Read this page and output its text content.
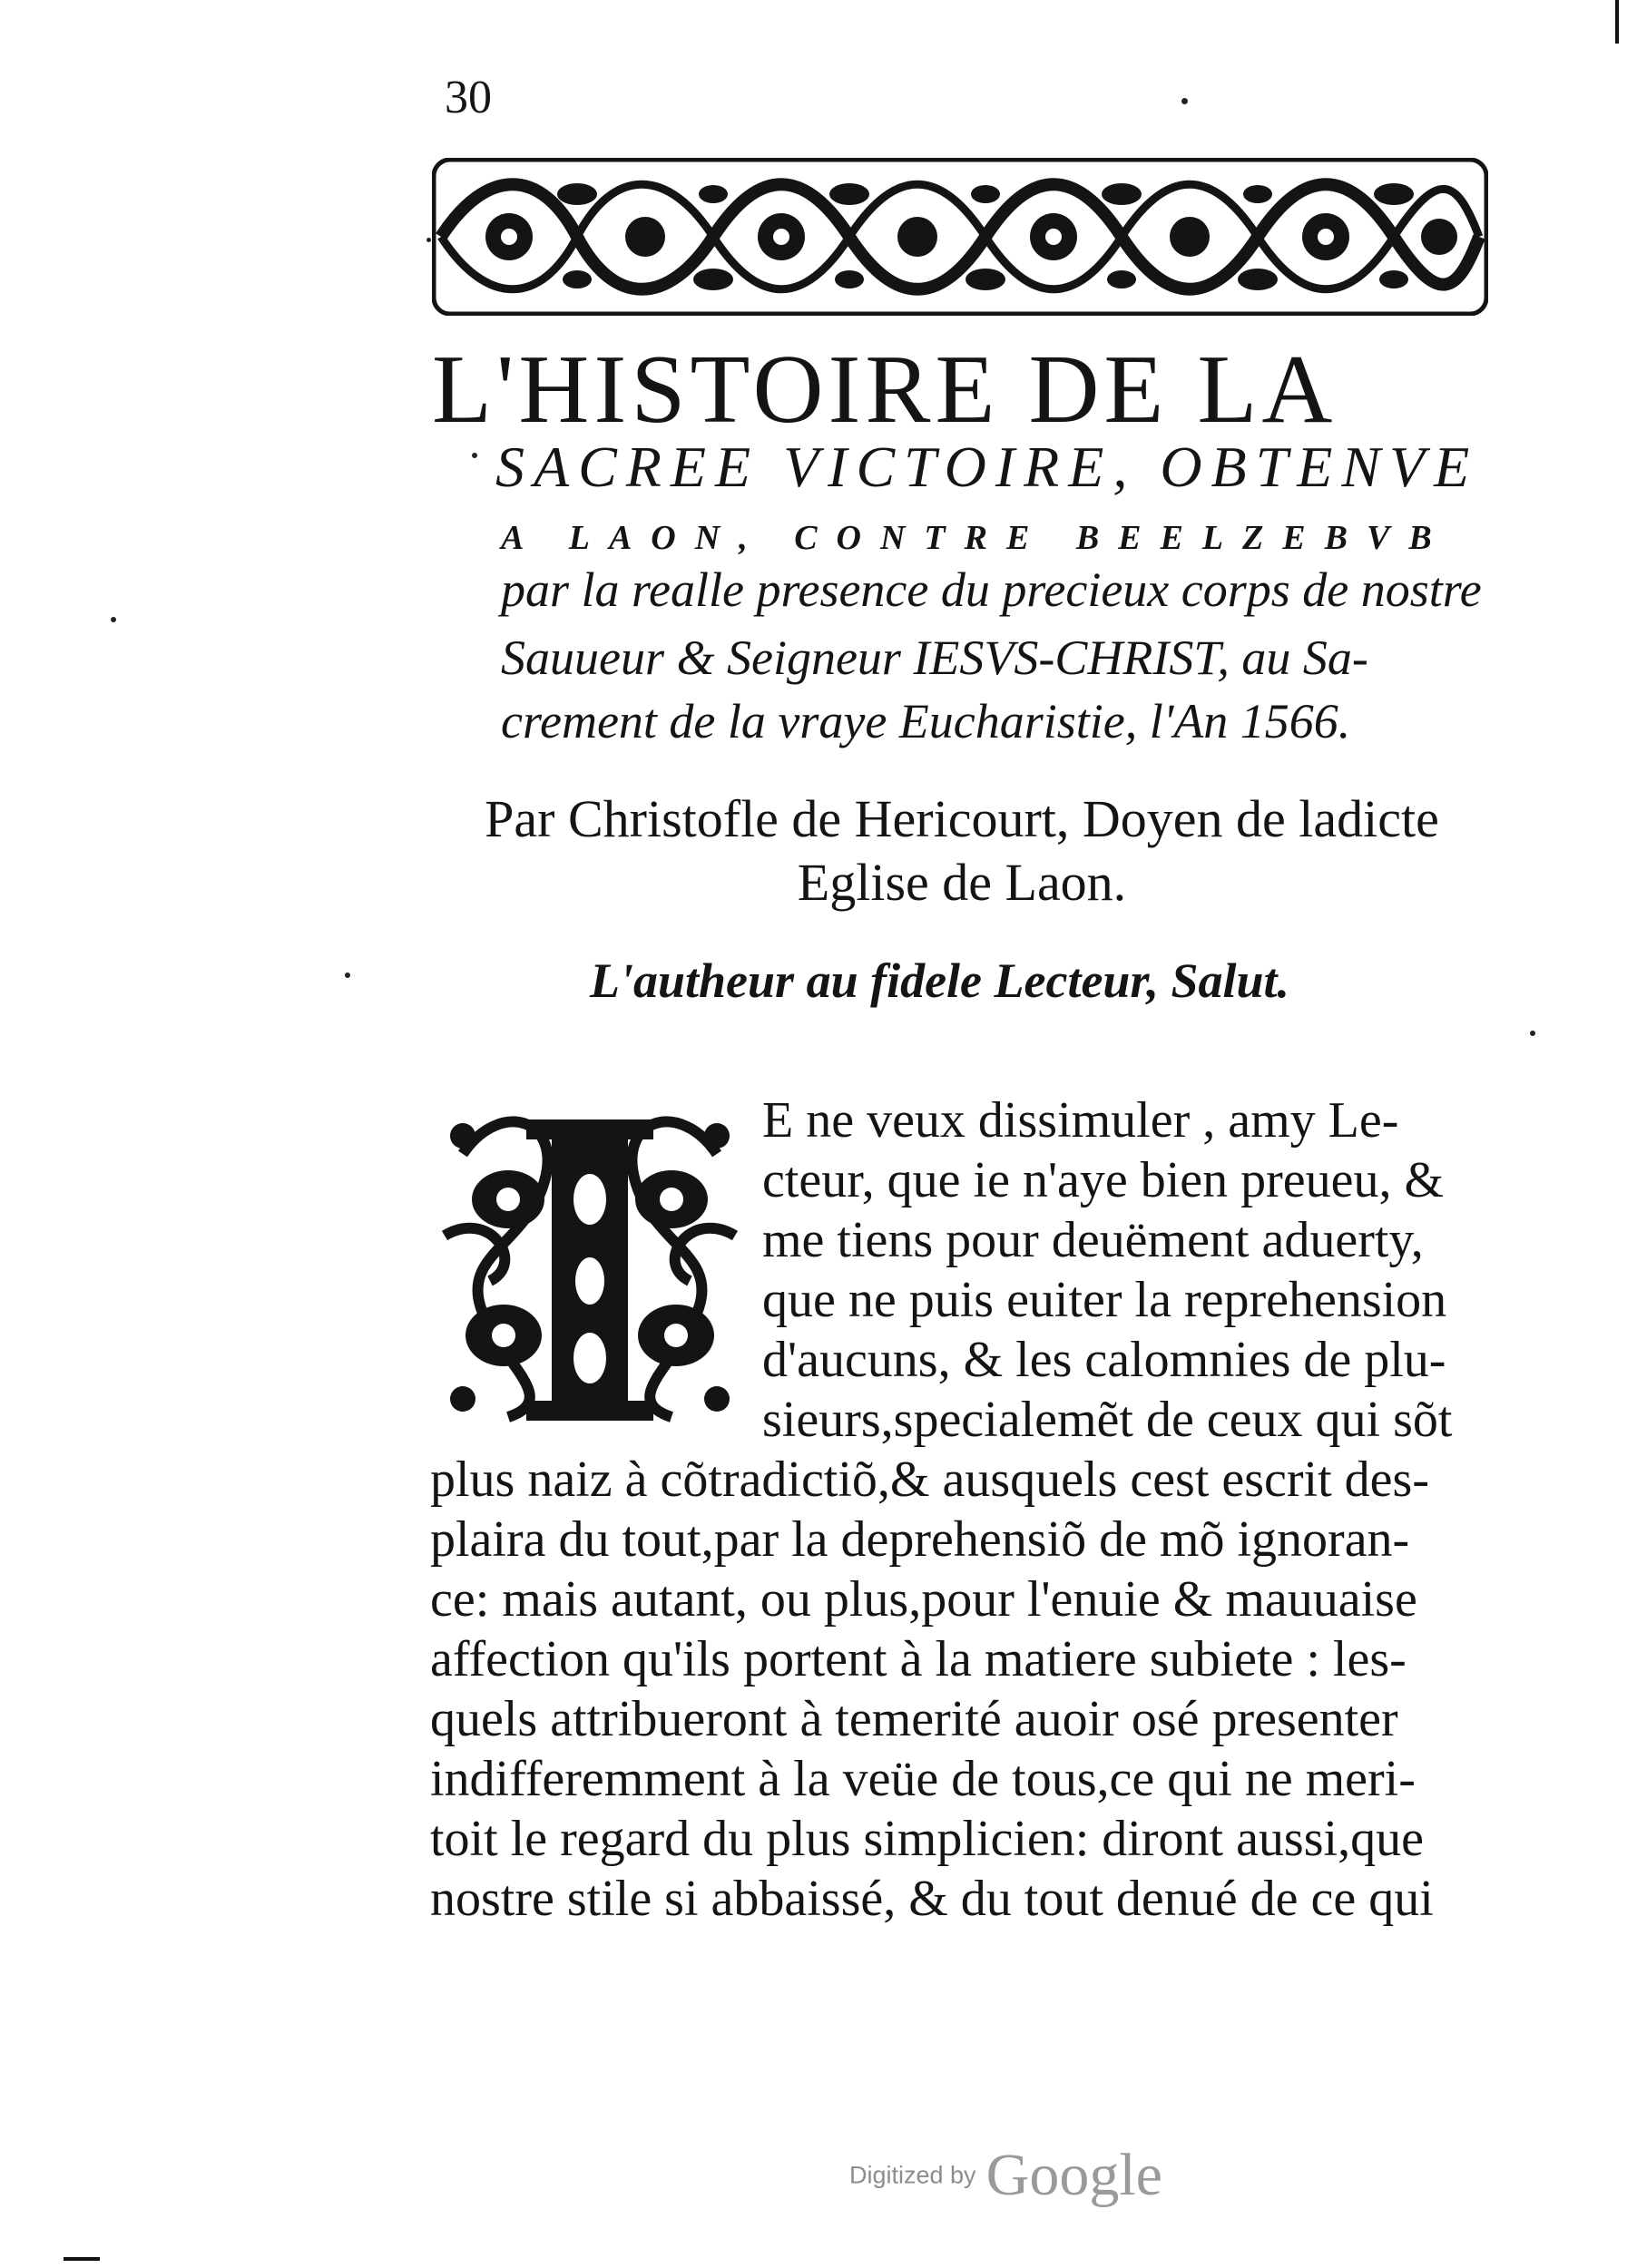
30
L'HISTOIRE DE LA
SACREE VICTOIRE, OBTENVE
A LAON, CONTRE BEELZEBVB
par la realle presence du precieux corps de nostre
Sauueur & Seigneur IESVS-CHRIST, au Sa-
crement de la vraye Eucharistie, l'An 1566.
Par Christofle de Hericourt, Doyen de ladicte
Eglise de Laon.
L'autheur au fidele Lecteur, Salut.
E ne veux dissimuler , amy Le-
cteur, que ie n'aye bien preueu, &
me tiens pour deuëment aduerty,
que ne puis euiter la reprehension
d'aucuns, & les calomnies de plu-
sieurs,specialemẽt de ceux qui sõt
plus naiz à cõtradictiõ,& ausquels cest escrit des-
plaira du tout,par la deprehensiõ de mõ ignoran-
ce: mais autant, ou plus,pour l'enuie & mauuaise
affection qu'ils portent à la matiere subiete : les-
quels attribueront à temerité auoir osé presenter
indifferemment à la veüe de tous,ce qui ne meri-
toit le regard du plus simplicien: diront aussi,que
nostre stile si abbaissé, & du tout denué de ce qui
Digitized by Google
